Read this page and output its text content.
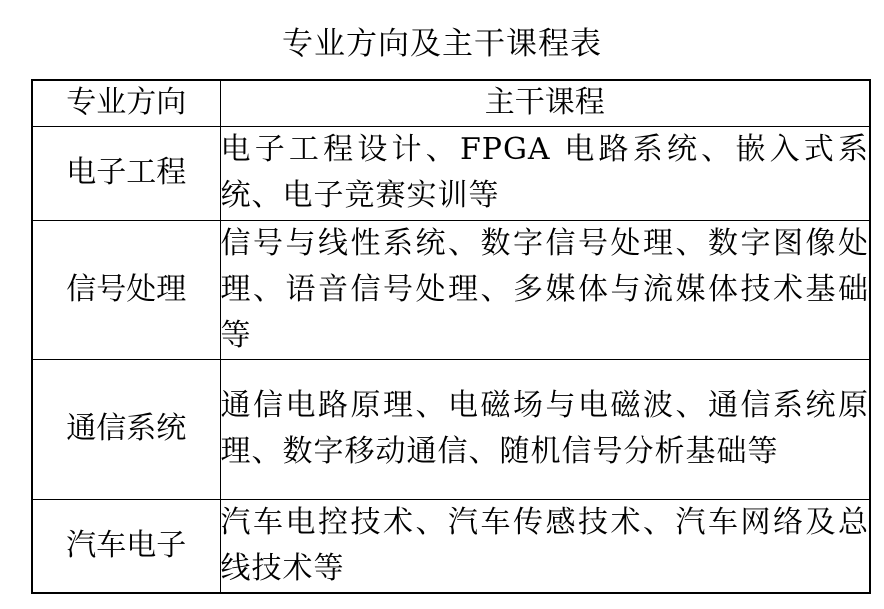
专业方向及主干课程表
专业方向	主干课程
电子工程	电子工程设计、FPGA 电路系统、嵌入式系统、电子竞赛实训等
信号处理	信号与线性系统、数字信号处理、数字图像处理、语音信号处理、多媒体与流媒体技术基础等
通信系统	通信电路原理、电磁场与电磁波、通信系统原理、数字移动通信、随机信号分析基础等
汽车电子	汽车电控技术、汽车传感技术、汽车网络及总线技术等
